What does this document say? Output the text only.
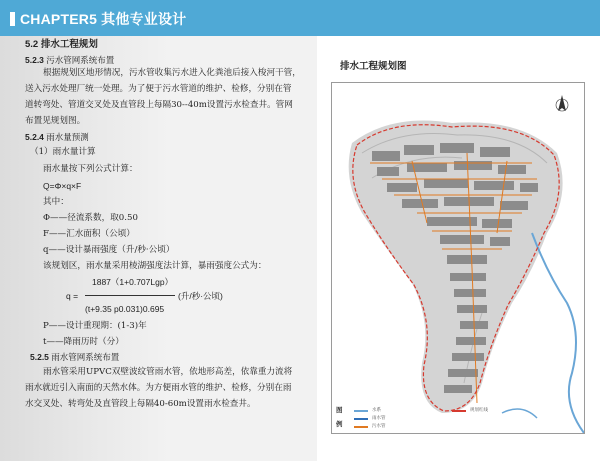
CHAPTER5 其他专业设计
5.2 排水工程规划
5.2.3 污水管网系统布置
根据规划区地形情况，污水管收集污水进入化粪池后接入梭河干管，
送入污水处理厂统一处理。为了便于污水管道的维护、检修，分别在管
道转弯处、管道交叉处及直管段上每隔30--40m设置污水检查井。管网
布置见规划图。
5.2.4 雨水量预测
（1）雨水量计算
雨水量按下列公式计算：
Q=Φ×q×F
其中：
Φ——径流系数，取0.50
F——汇水面积（公顷）
q——设计暴雨强度（升/秒·公顷）
该规划区，雨水量采用棱湖强度法计算，暴雨强度公式为：
1887（1+0.707Lgp）
q =	(升/秒·公顷)
(t+9.35 p0.031)0.695
P——设计重现期：(1-3)年
t——降雨历时（分）
5.2.5 雨水管网系统布置
雨水管采用UPVC双壁波纹管雨水管，依地形高差，依靠重力流将
雨水就近引入南面的天然水体。为方便雨水管的维护、检修，分别在雨
水交叉处、转弯处及直管段上每隔40-60m设置雨水检查井。
排水工程规划图
图
例
水系	规划红线
雨水管
污水管
